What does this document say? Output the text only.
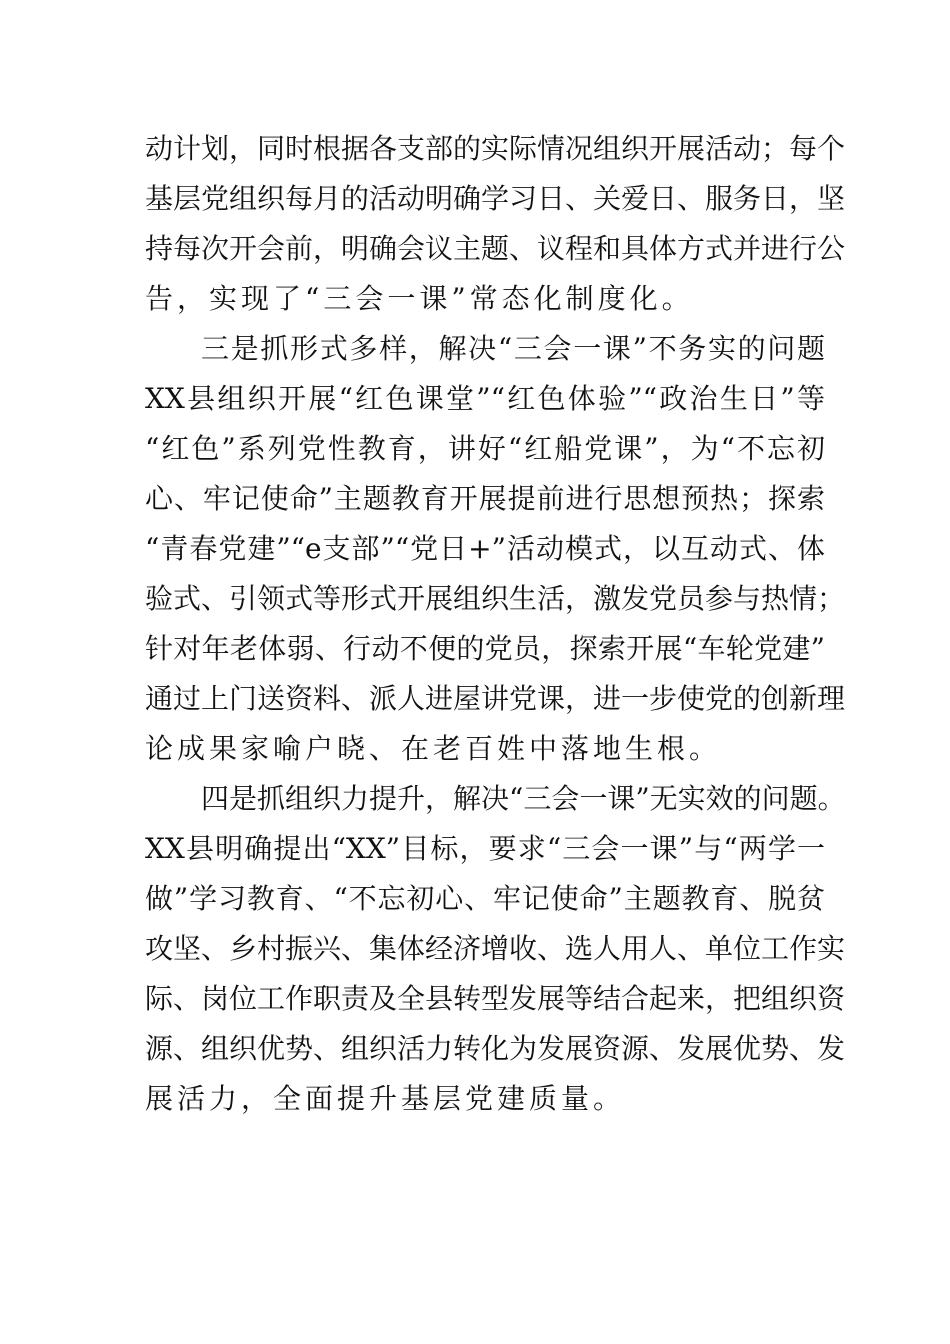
动计划，同时根据各支部的实际情况组织开展活动；每个
基层党组织每月的活动明确学习日、关爱日、服务日，坚
持每次开会前，明确会议主题、议程和具体方式并进行公
告，实现了“三会一课”常态化制度化。
三是抓形式多样，解决“三会一课”不务实的问题
XX县组织开展“红色课堂”“红色体验”“政治生日”等
“红色”系列党性教育，讲好“红船党课”，为“不忘初
心、牢记使命”主题教育开展提前进行思想预热；探索
“青春党建”“e支部”“党日+”活动模式，以互动式、体
验式、引领式等形式开展组织生活，激发党员参与热情；
针对年老体弱、行动不便的党员，探索开展“车轮党建”
通过上门送资料、派人进屋讲党课，进一步使党的创新理
论成果家喻户晓、在老百姓中落地生根。
四是抓组织力提升，解决“三会一课”无实效的问题。
XX县明确提出“XX”目标，要求“三会一课”与“两学一
做”学习教育、“不忘初心、牢记使命”主题教育、脱贫
攻坚、乡村振兴、集体经济增收、选人用人、单位工作实
际、岗位工作职责及全县转型发展等结合起来，把组织资
源、组织优势、组织活力转化为发展资源、发展优势、发
展活力，全面提升基层党建质量。
